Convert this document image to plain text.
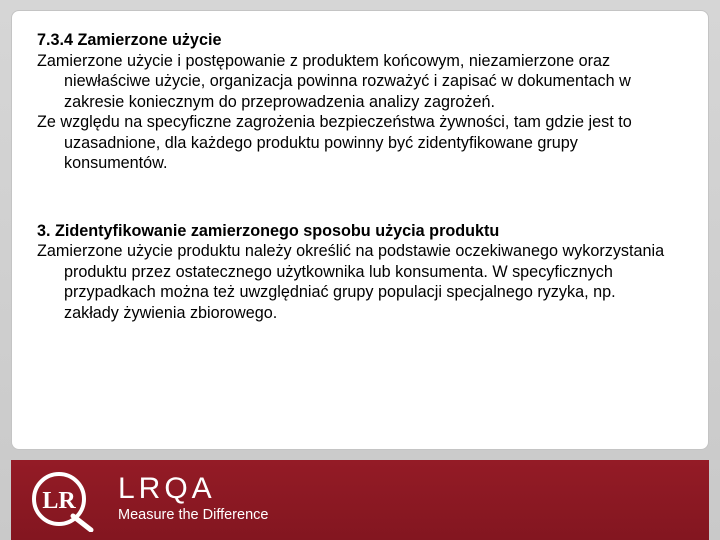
7.3.4 Zamierzone użycie

Zamierzone użycie i postępowanie z produktem końcowym, niezamierzone oraz niewłaściwe użycie, organizacja powinna rozważyć i zapisać w dokumentach w zakresie koniecznym do przeprowadzenia analizy zagrożeń.

Ze względu na specyficzne zagrożenia bezpieczeństwa żywności, tam gdzie jest to uzasadnione, dla każdego produktu powinny być zidentyfikowane grupy konsumentów.

3. Zidentyfikowanie zamierzonego sposobu użycia produktu

Zamierzone użycie produktu należy określić na podstawie oczekiwanego wykorzystania produktu przez ostatecznego użytkownika lub konsumenta. W specyficznych przypadkach można też uwzględniać grupy populacji specjalnego ryzyka, np. zakłady żywienia zbiorowego.

LR LRQA
Measure the Difference
